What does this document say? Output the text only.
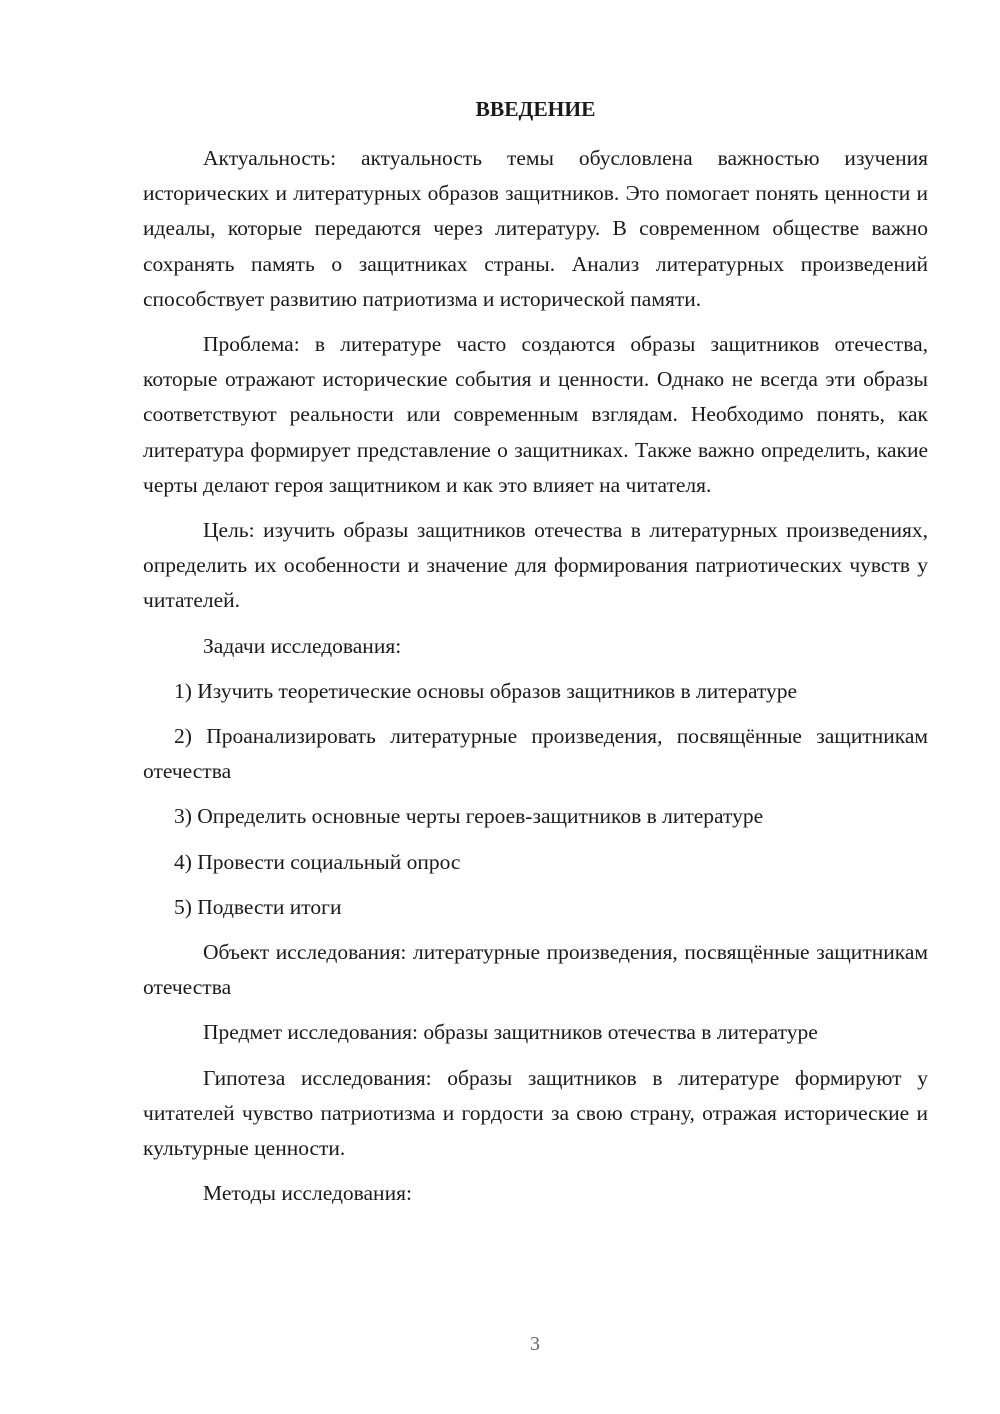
ВВЕДЕНИЕ

Актуальность: актуальность темы обусловлена важностью изучения исторических и литературных образов защитников. Это помогает понять ценности и идеалы, которые передаются через литературу. В современном обществе важно сохранять память о защитниках страны. Анализ литературных произведений способствует развитию патриотизма и исторической памяти.

Проблема: в литературе часто создаются образы защитников отечества, которые отражают исторические события и ценности. Однако не всегда эти образы соответствуют реальности или современным взглядам. Необходимо понять, как литература формирует представление о защитниках. Также важно определить, какие черты делают героя защитником и как это влияет на читателя.

Цель: изучить образы защитников отечества в литературных произведениях, определить их особенности и значение для формирования патриотических чувств у читателей.

Задачи исследования:

1) Изучить теоретические основы образов защитников в литературе

2) Проанализировать литературные произведения, посвящённые защитникам отечества

3) Определить основные черты героев-защитников в литературе

4) Провести социальный опрос

5) Подвести итоги

Объект исследования: литературные произведения, посвящённые защитникам отечества

Предмет исследования: образы защитников отечества в литературе

Гипотеза исследования: образы защитников в литературе формируют у читателей чувство патриотизма и гордости за свою страну, отражая исторические и культурные ценности.

Методы исследования:

3
